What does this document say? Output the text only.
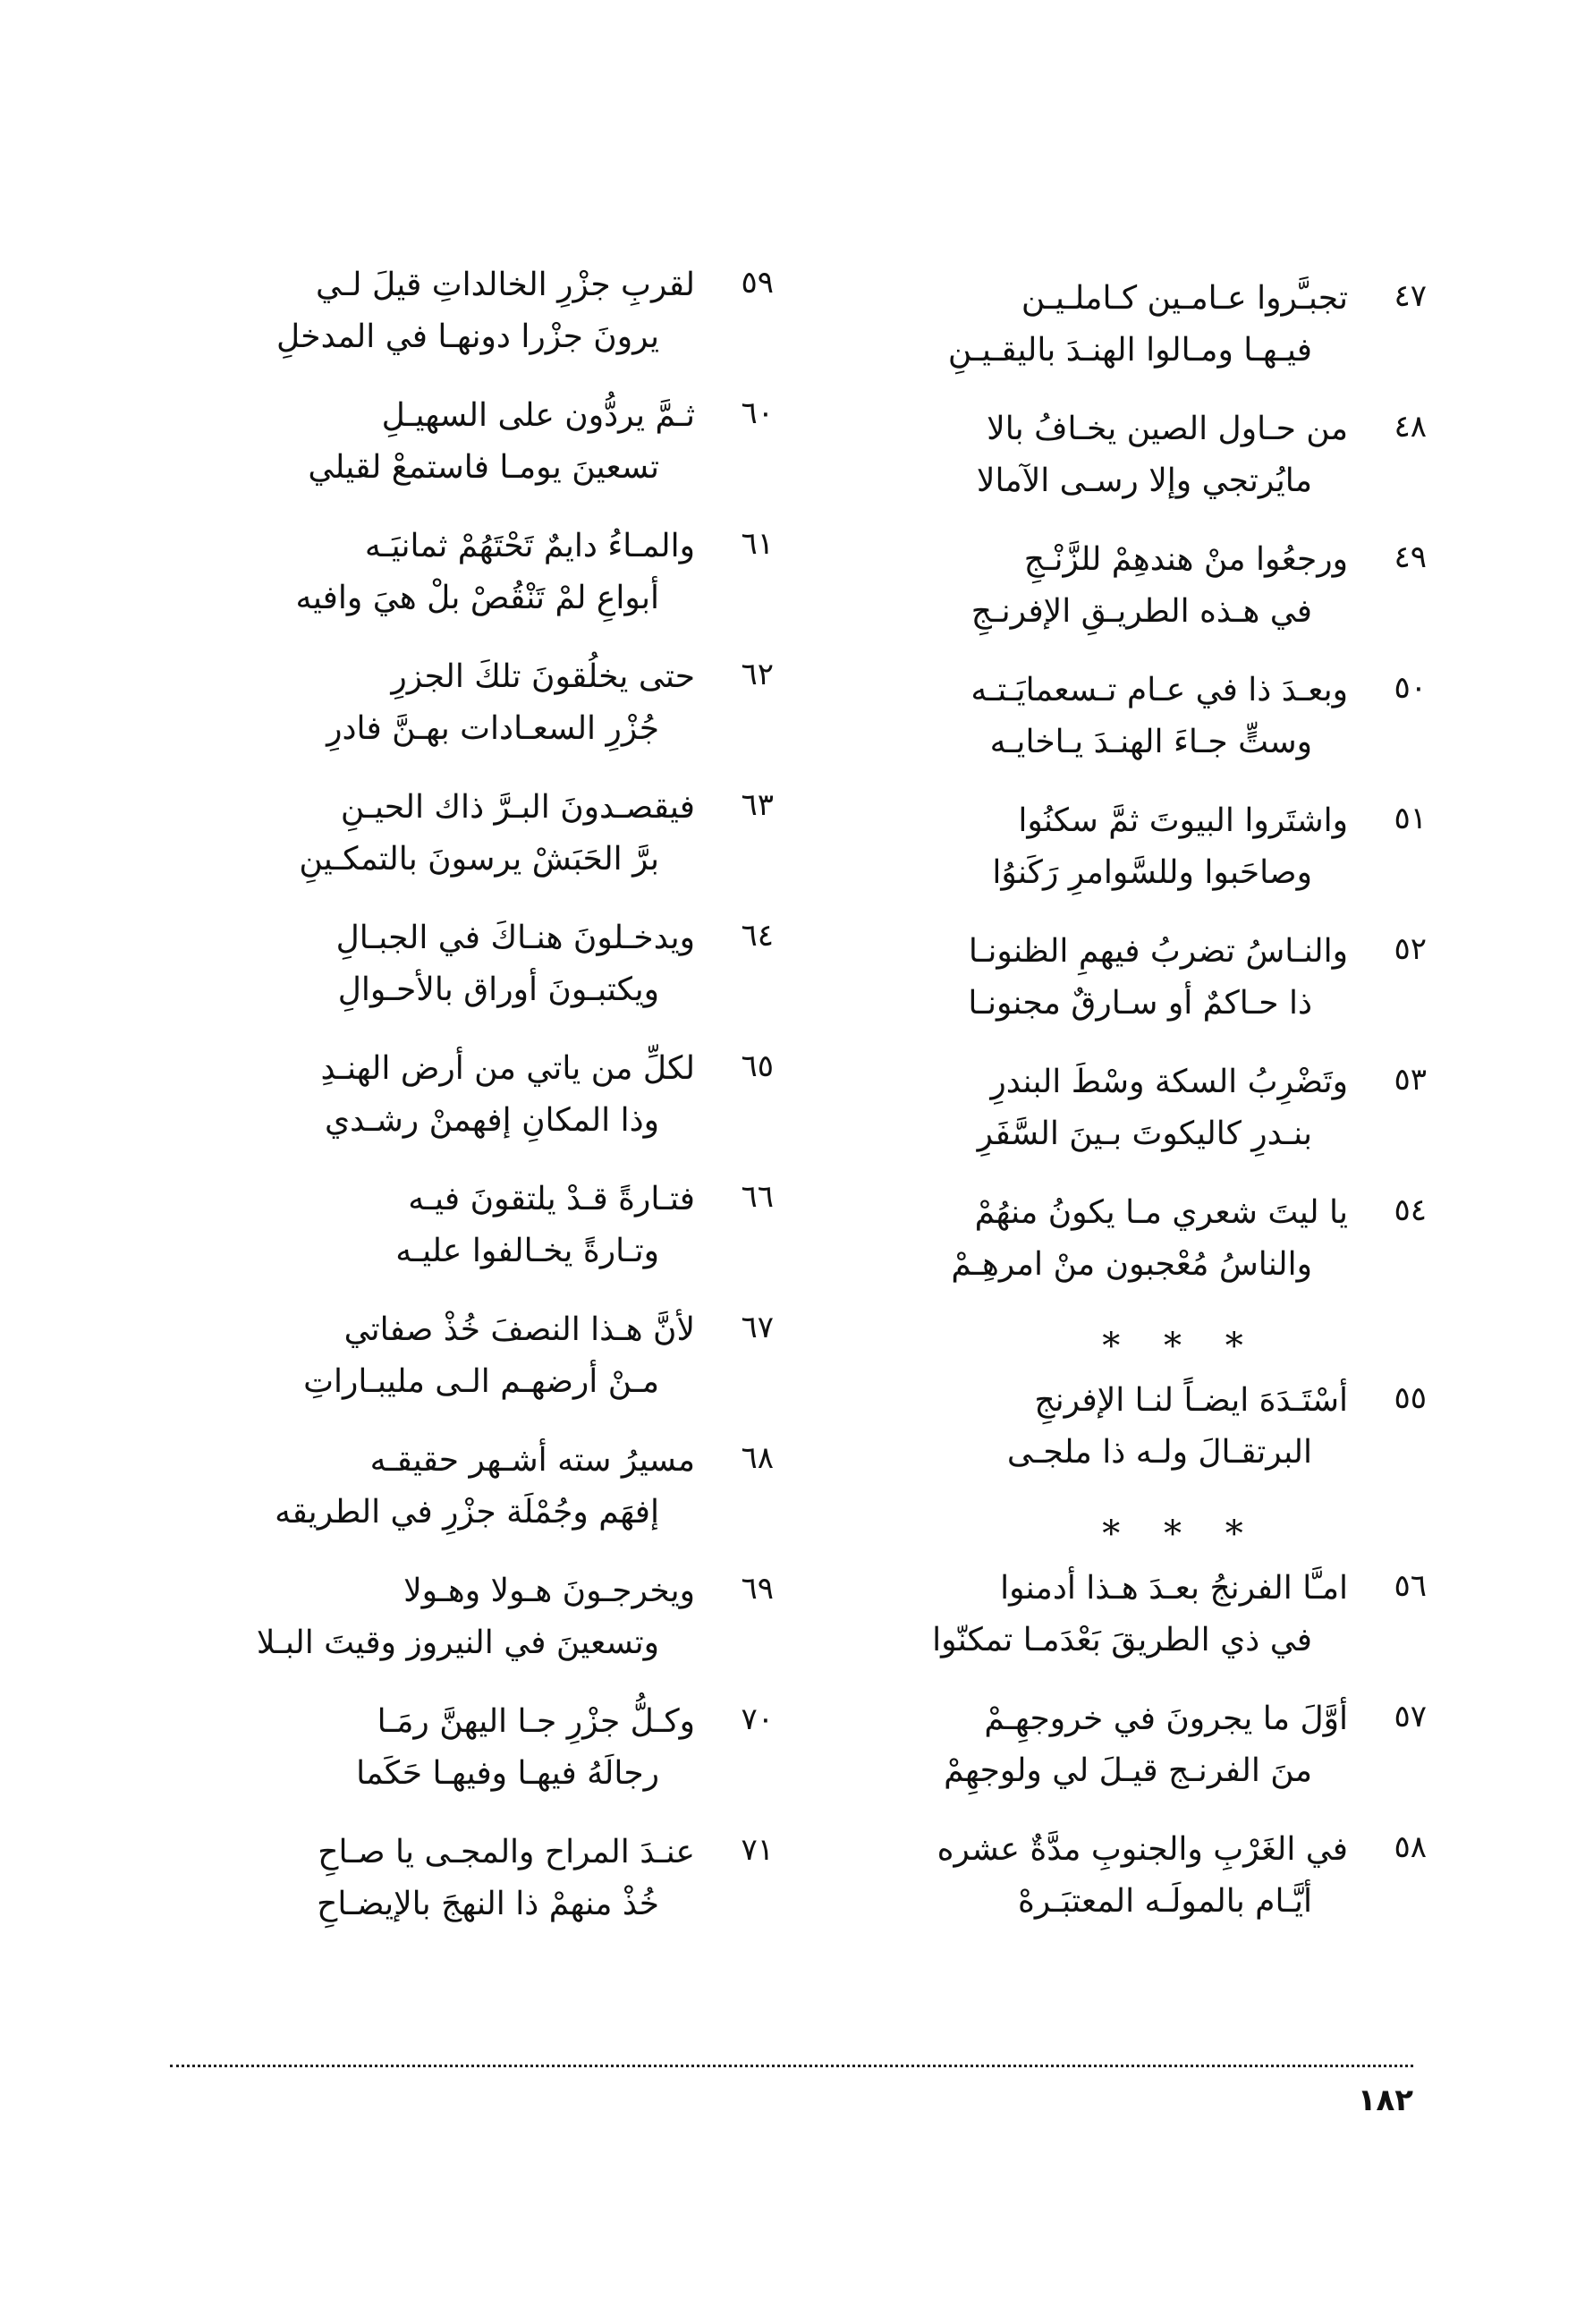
٤٧
تجبـَّروا عـامـين كـاملـيـن
فيـهـا ومـالوا الهنـدَ باليقـيـنِ
٤٨
من حـاول الصين يخـافُ بالا
مايُرتجي وإلا رسـى الآمالا
٤٩
ورجعُوا منْ هندهِمْ للزَّنْـجِ
في هـذه الطريـقِ الإفرنـجِ
٥٠
وبعـدَ ذا في عـام تـسعمايَـتـه
وستٍّ جـاءَ الهنـدَ يـاخايـه
٥١
واشتَروا البيوتَ ثمَّ سكنُوا
وصاحَبوا وللسَّوامرِ رَكَنوُا
٥٢
والنـاسُ تضربُ فيهمِ الظنونـا
ذا حـاكمٌ أو سـارقٌ مجنونـا
٥٣
وتَضْرِبُ السكة وسْطَ البندرِ
بنـدرِ كاليكوتَ بـينَ السَّفَرِ
٥٤
يا ليتَ شعري مـا يكونُ منهُمْ
والناسُ مُعْجبون منْ امرهِـمْ
* * *
٥٥
أسْتَـدَهَ ايضـاً لنـا الإفرنجِ
البرتقـالَ ولـه ذا ملجـى
* * *
٥٦
امـَّا الفرنجُ بعـدَ هـذا أدمنوا
في ذي الطريقَ بَعْدَمـا تمكنّوا
٥٧
أوَّلَ ما يجرونَ في خروجهِـمْ
منَ الفرنـج قيـلَ لي ولوجهِمْ
٥٨
في الغَرْبِ والجنوبِ مدَّةٌ عشره
أيَّـام بالمولَـه المعتبَـرهْ
٥٩
لقربِ جزْرِ الخالداتِ قيلَ لـي
يرونَ جزْرا دونهـا في المدخلِ
٦٠
ثـمَّ يردُّون على السهيـلِ
تسعينَ يومـا فاستمعْ لقيلي
٦١
والمـاءُ دايمٌ تَحْتَهُمْ ثمانيَـه
أبواعِ لمْ تَنْقُصْ بلْ هيَ وافيه
٦٢
حتى يخلُقونَ تلكَ الجزرِ
جُزْرِ السعـادات بهـنَّ فادرِ
٦٣
فيقصـدونَ البـرَّ ذاك الحيـنِ
برَّ الحَبَشْ يرسونَ بالتمكـينِ
٦٤
ويدخـلونَ هنـاكَ في الجبـالِ
ويكتبـونَ أوراق بالأحـوالِ
٦٥
لكلِّ من ياتي من أرض الهنـدِ
وذا المكانِ إفهمنْ رشـدي
٦٦
فتـارةً قـدْ يلتقونَ فيـه
وتـارةً يخـالفوا عليـه
٦٧
لأنَّ هـذا النصفَ خُذْ صفاتي
مـنْ أرضهـم الـى مليبـاراتِ
٦٨
مسيرُ سته أشـهر حقيقـه
إفهَم وجُمْلَة جزْرِ في الطريقه
٦٩
ويخرجـونَ هـولا وهـولا
وتسعينَ في النيروز وقيتَ البـلا
٧٠
وكـلُّ جزْرِ جـا اليهنَّ رمَـا
رجالَهُ فيهـا وفيهـا حَكَما
٧١
عنـدَ المراح والمجـى يا صـاحِ
خُذْ منهمْ ذا النهجَ بالإيضـاحِ
١٨٢
